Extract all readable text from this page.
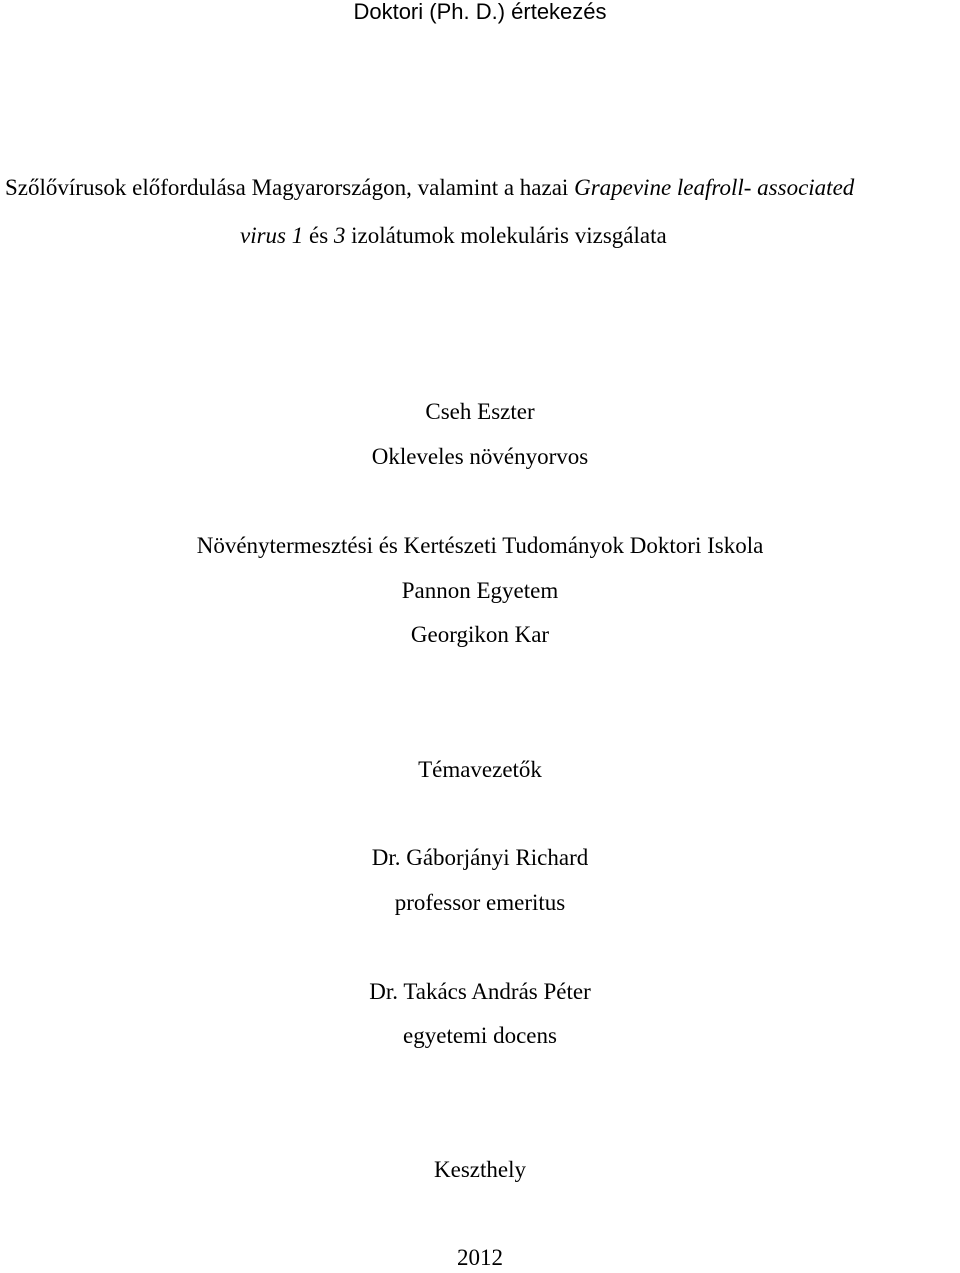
Doktori (Ph. D.) értekezés
Szőlővírusok előfordulása Magyarországon, valamint a hazai Grapevine leafroll- associated
virus 1 és 3 izolátumok molekuláris vizsgálata
Cseh Eszter
Okleveles növényorvos
Növénytermesztési és Kertészeti Tudományok Doktori Iskola
Pannon Egyetem
Georgikon Kar
Témavezetők
Dr. Gáborjányi Richard
professor emeritus
Dr. Takács András Péter
egyetemi docens
Keszthely
2012
